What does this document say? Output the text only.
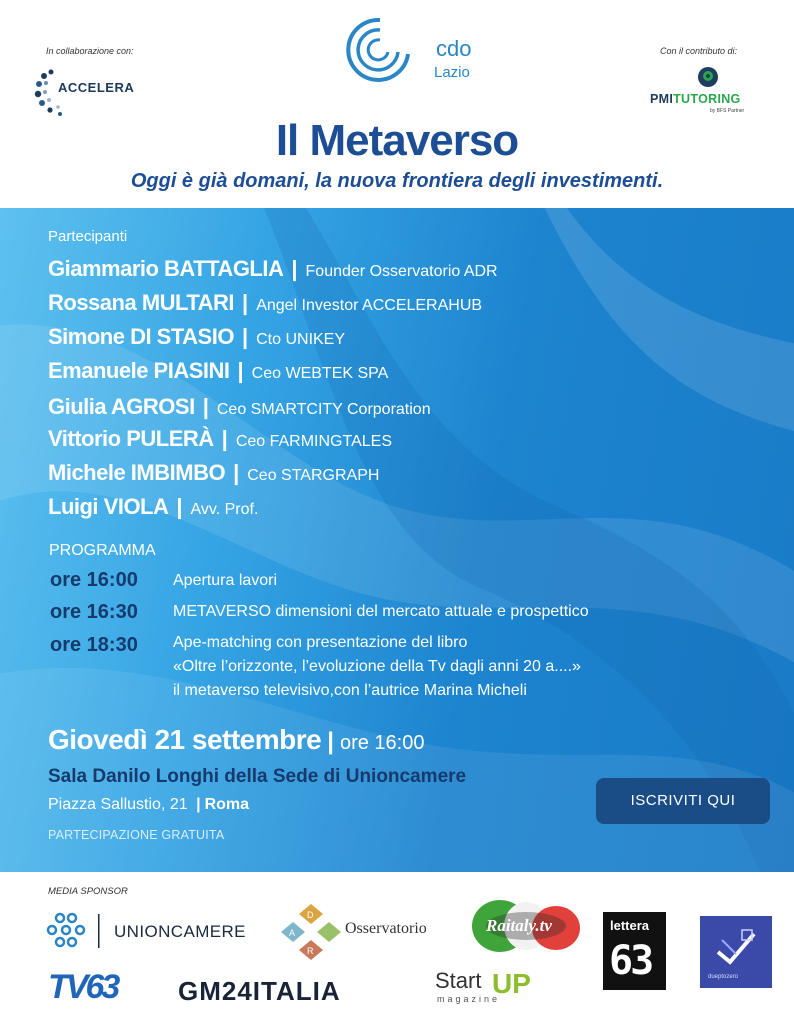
In collaborazione con:
ACCELERA
cdo
Lazio
Con il contributo di:
PMITUTORING
by BFS Partner
Il Metaverso
Oggi è già domani, la nuova frontiera degli investimenti.
Partecipanti
Giammario BATTAGLIA | Founder Osservatorio ADR
Rossana MULTARI | Angel Investor ACCELERAHUB
Simone DI STASIO | Cto UNIKEY
Emanuele PIASINI | Ceo WEBTEK SPA
Giulia AGROSI | Ceo SMARTCITY Corporation
Vittorio PULERÀ | Ceo FARMINGTALES
Michele IMBIMBO | Ceo STARGRAPH
Luigi VIOLA | Avv. Prof.
PROGRAMMA
ore 16:00 Apertura lavori
ore 16:30 METAVERSO dimensioni del mercato attuale e prospettico
ore 18:30 Ape-matching con presentazione del libro
«Oltre l’orizzonte, l’evoluzione della Tv dagli anni 20 a....»
il metaverso televisivo,con l’autrice Marina Micheli
Giovedì 21 settembre | ore 16:00
Sala Danilo Longhi della Sede di Unioncamere
Piazza Sallustio, 21 | Roma
PARTECIPAZIONE GRATUITA
ISCRIVITI QUI
MEDIA SPONSOR
UNIONCAMERE
D
A
R
Osservatorio	Raitaly.tv	lettera
63	dueptozero
TV63 GM24ITALIA	Start UP
magazine
